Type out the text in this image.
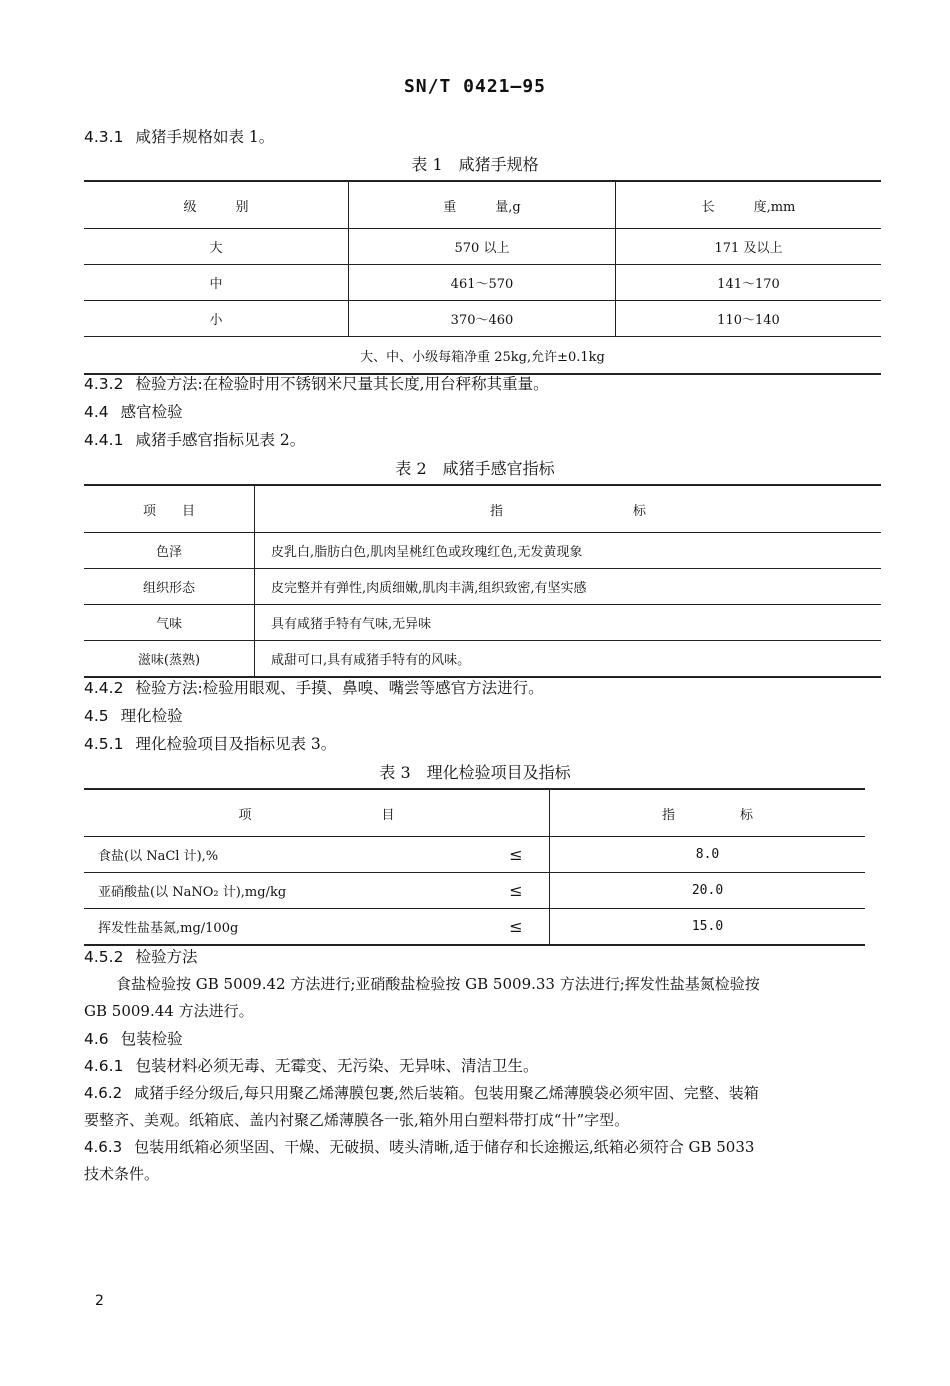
SN/T 0421—95
4.3.1 咸猪手规格如表 1。
表 1　咸猪手规格
级　　　别	重　　　量,g	长　　　度,mm
大	570 以上	171 及以上
中	461～570	141～170
小	370～460	110～140
大、中、小级每箱净重 25kg,允许±0.1kg		
4.3.2 检验方法:在检验时用不锈钢米尺量其长度,用台秤称其重量。
4.4 感官检验
4.4.1 咸猪手感官指标见表 2。
表 2　咸猪手感官指标
项　　目	指　　　　　　　　　　标
色泽	皮乳白,脂肪白色,肌肉呈桃红色或玫瑰红色,无发黄现象
组织形态	皮完整并有弹性,肉质细嫩,肌肉丰满,组织致密,有坚实感
气味	具有咸猪手特有气味,无异味
滋味(蒸熟)	咸甜可口,具有咸猪手特有的风味。
4.4.2 检验方法:检验用眼观、手摸、鼻嗅、嘴尝等感官方法进行。
4.5 理化检验
4.5.1 理化检验项目及指标见表 3。
表 3　理化检验项目及指标
项　　　　　　　　　　目		指　　　　　标
食盐(以 NaCl 计),%	≤	8.0
亚硝酸盐(以 NaNO₂ 计),mg/kg	≤	20.0
挥发性盐基氮,mg/100g	≤	15.0
4.5.2 检验方法
食盐检验按 GB 5009.42 方法进行;亚硝酸盐检验按 GB 5009.33 方法进行;挥发性盐基氮检验按
GB 5009.44 方法进行。
4.6 包装检验
4.6.1 包装材料必须无毒、无霉变、无污染、无异味、清洁卫生。
4.6.2 咸猪手经分级后,每只用聚乙烯薄膜包裹,然后装箱。包装用聚乙烯薄膜袋必须牢固、完整、装箱
要整齐、美观。纸箱底、盖内衬聚乙烯薄膜各一张,箱外用白塑料带打成“卄”字型。
4.6.3 包装用纸箱必须坚固、干燥、无破损、唛头清晰,适于储存和长途搬运,纸箱必须符合 GB 5033
技术条件。
2
